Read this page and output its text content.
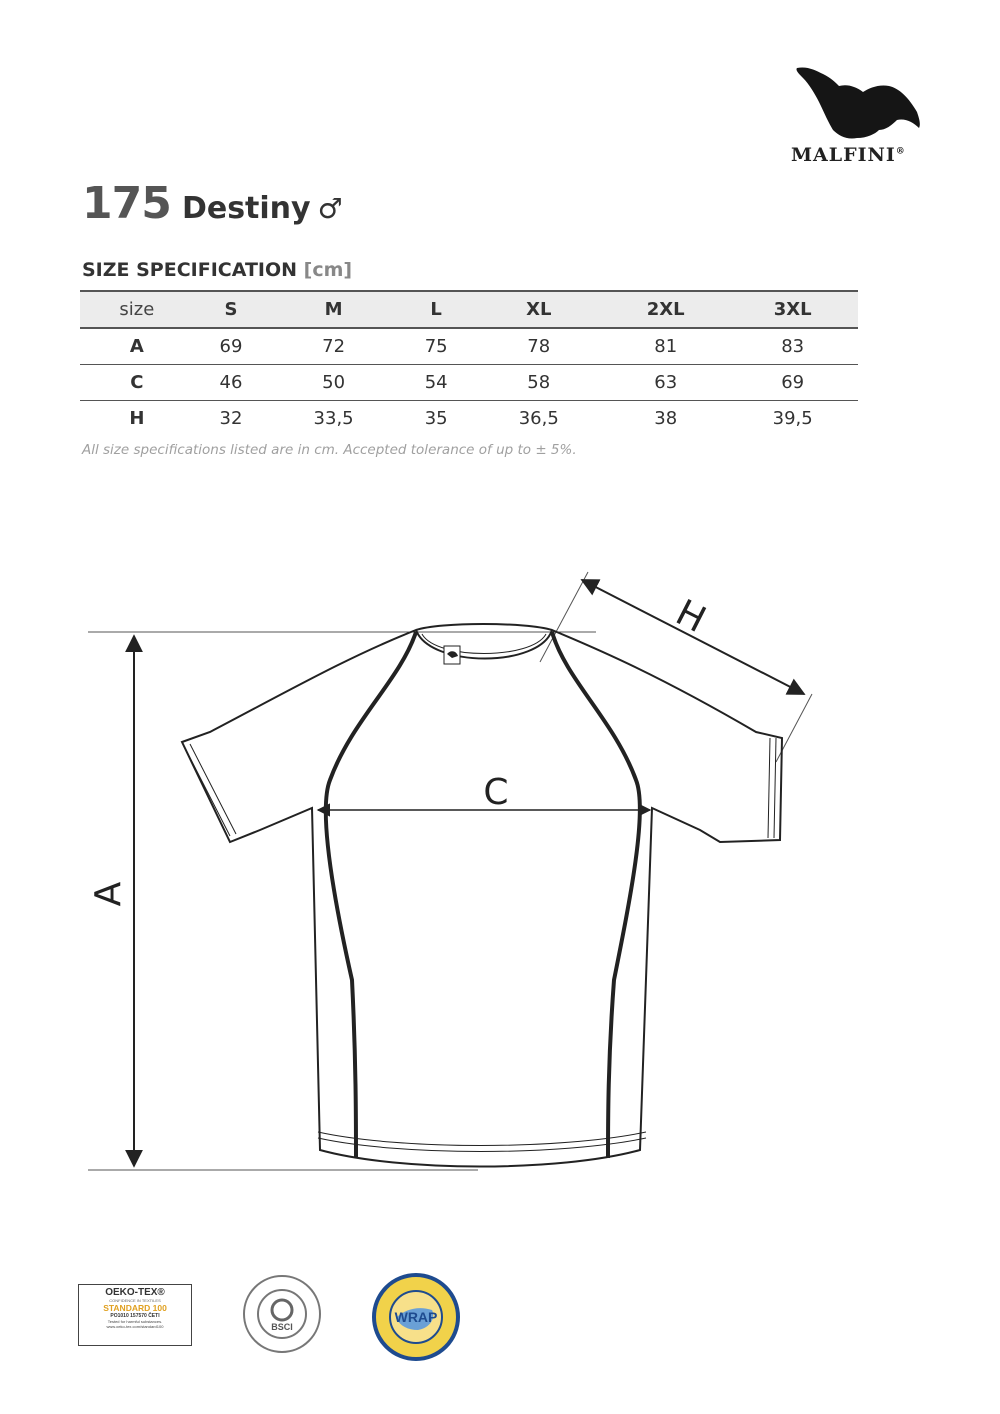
MALFINI®
175 Destiny ♂
SIZE SPECIFICATION [cm]
size	S	M	L	XL	2XL	3XL
A	69	72	75	78	81	83
C	46	50	54	58	63	69
H	32	33,5	35	36,5	38	39,5
All size specifications listed are in cm. Accepted tolerance of up to ± 5%.
A
C
H
OEKO-TEX®
CONFIDENCE IN TEXTILES
STANDARD 100
PO1010 157570 ČETI
Tested for harmful substances.
www.oeko-tex.com/standard100	BSCI
WRAP
